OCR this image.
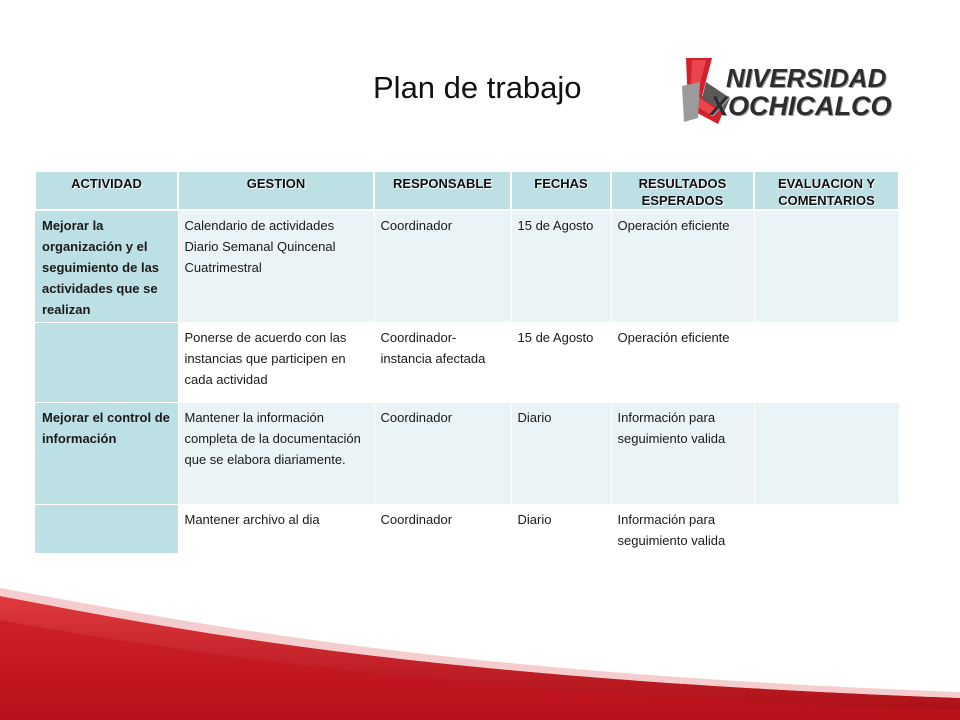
Plan de trabajo	NIVERSIDAD
XOCHICALCO
ACTIVIDAD	GESTION	RESPONSABLE	FECHAS	RESULTADOS ESPERADOS	EVALUACION Y COMENTARIOS
Mejorar la organización y el seguimiento de las actividades que se realizan	Calendario de actividades Diario Semanal Quincenal Cuatrimestral	Coordinador	15 de Agosto	Operación eficiente	
	Ponerse de acuerdo con las instancias que participen en cada actividad	Coordinador- instancia afectada	15 de Agosto	Operación eficiente	
Mejorar el control de información	Mantener la información completa de la documentación que se elabora diariamente.	Coordinador	Diario	Información para seguimiento valida	
	Mantener archivo al dia	Coordinador	Diario	Información para seguimiento valida	
